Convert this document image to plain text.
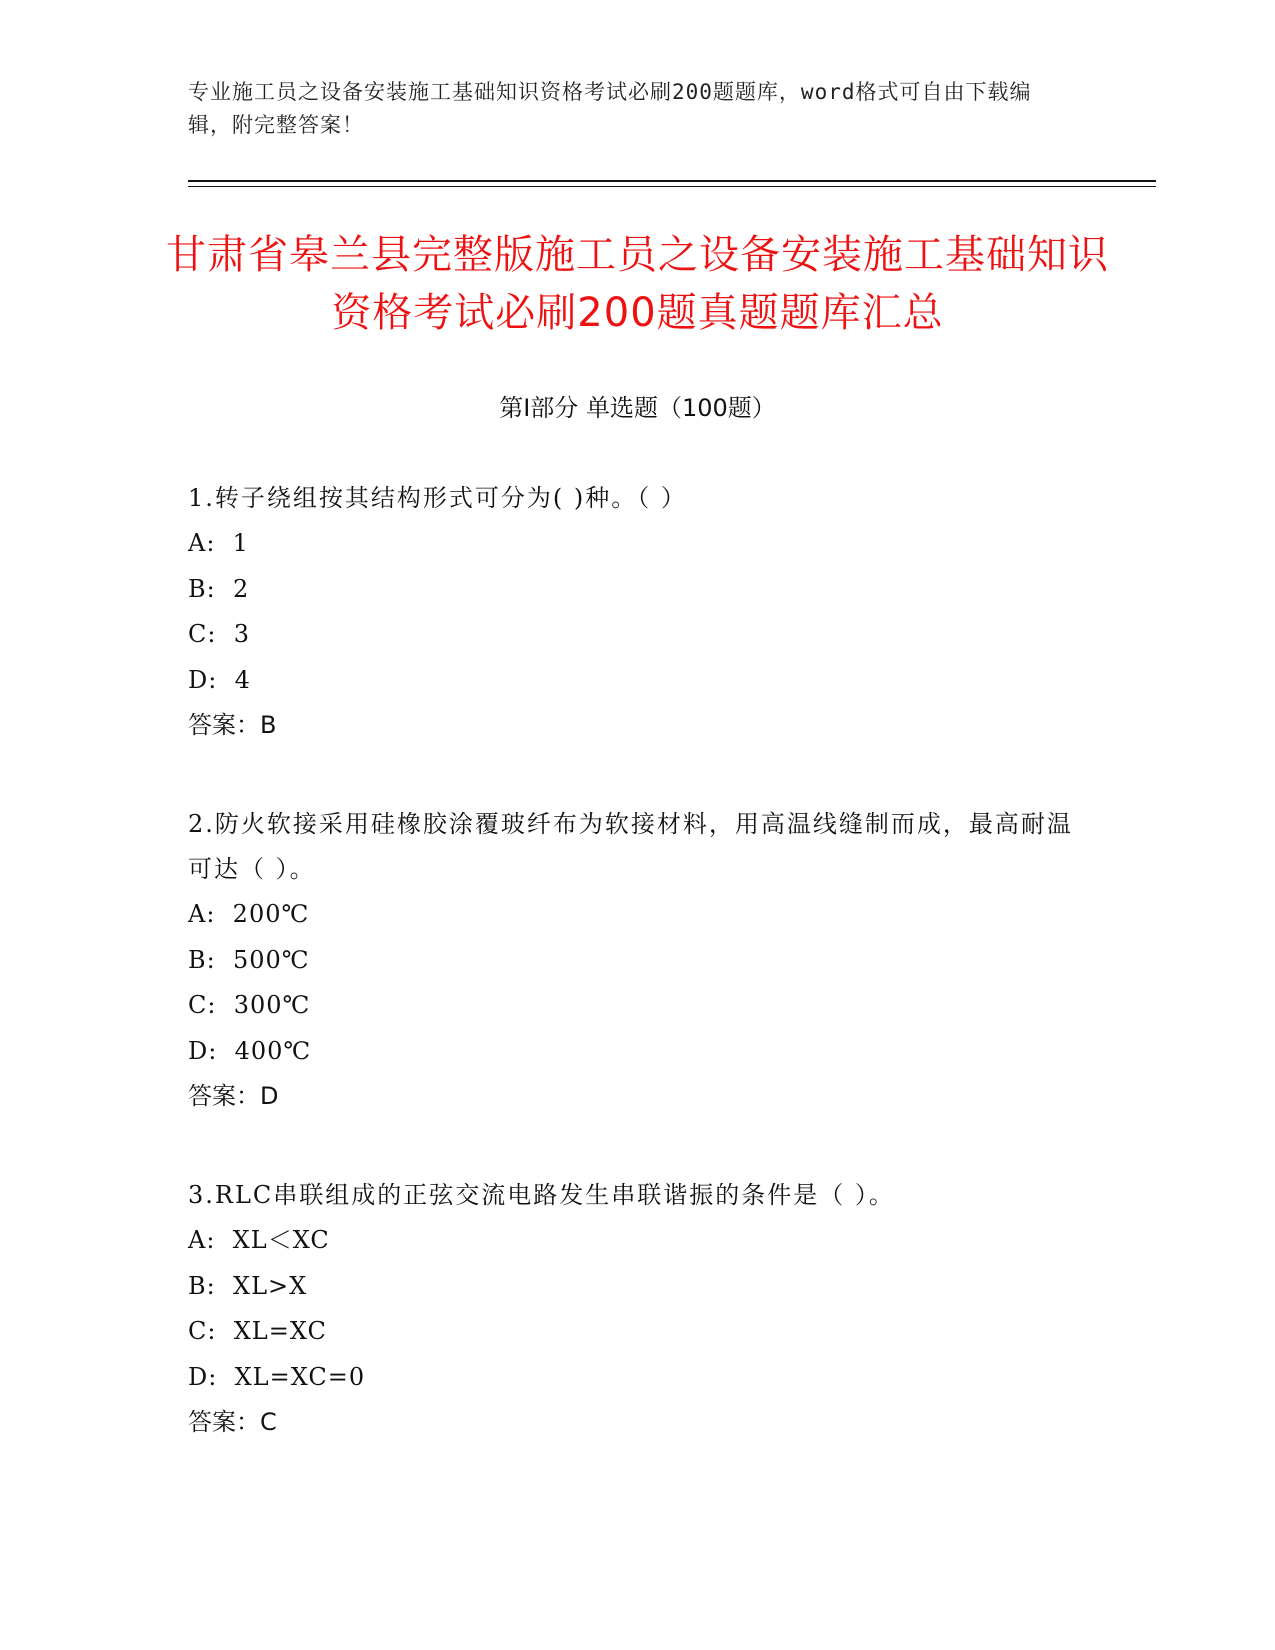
专业施工员之设备安装施工基础知识资格考试必刷200题题库，word格式可自由下载编辑，附完整答案！
甘肃省皋兰县完整版施工员之设备安装施工基础知识资格考试必刷200题真题题库汇总
第Ⅰ部分 单选题（100题）
1.转子绕组按其结构形式可分为( )种。（ ）
A:  1
B:  2
C:  3
D:  4
答案：B
2.防火软接采用硅橡胶涂覆玻纤布为软接材料，用高温线缝制而成，最高耐温可达（ ）。
A:  200℃
B:  500℃
C:  300℃
D:  400℃
答案：D
3.RLC串联组成的正弦交流电路发生串联谐振的条件是（ ）。
A:  XL＜XC
B:  XL>X
C:  XL=XC
D:  XL=XC=0
答案：C
